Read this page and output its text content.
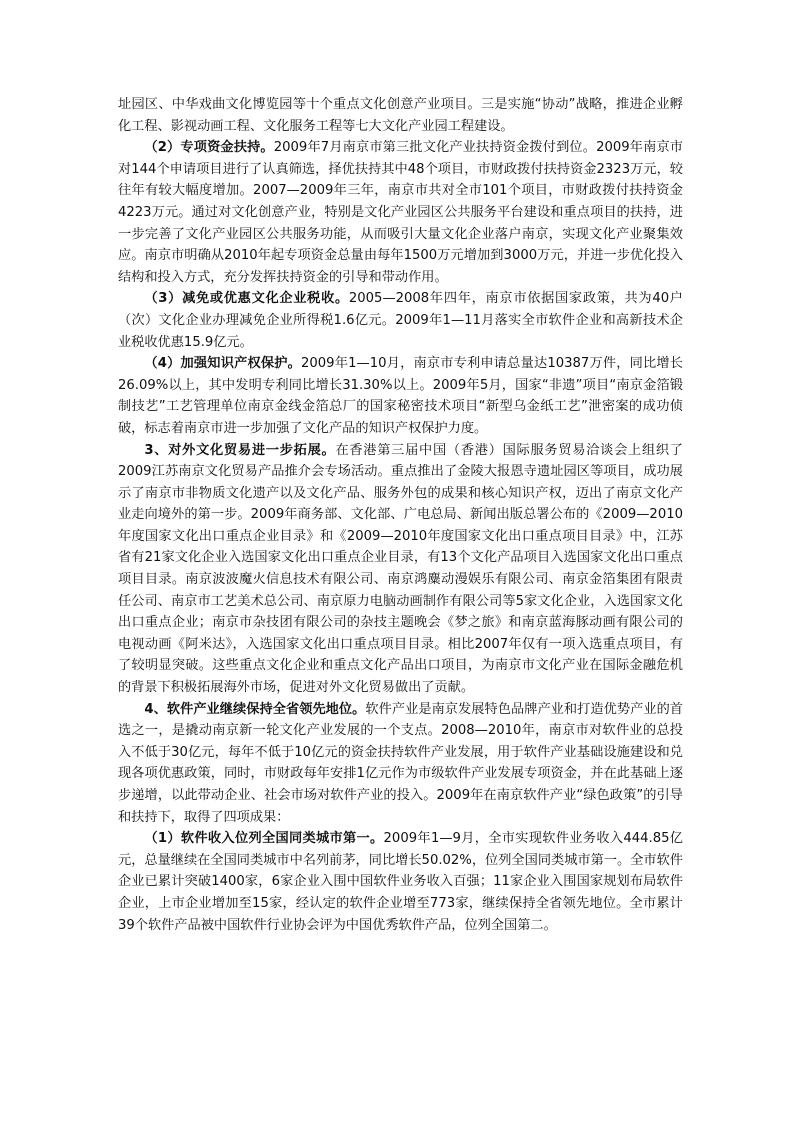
址园区、中华戏曲文化博览园等十个重点文化创意产业项目。三是实施“协动”战略，推进企业孵化工程、影视动画工程、文化服务工程等七大文化产业园工程建设。

（2）专项资金扶持。2009年7月南京市第三批文化产业扶持资金拨付到位。2009年南京市对144个申请项目进行了认真筛选，择优扶持其中48个项目，市财政拨付扶持资金2323万元，较往年有较大幅度增加。2007—2009年三年，南京市共对全市101个项目，市财政拨付扶持资金4223万元。通过对文化创意产业，特别是文化产业园区公共服务平台建设和重点项目的扶持，进一步完善了文化产业园区公共服务功能，从而吸引大量文化企业落户南京，实现文化产业聚集效应。南京市明确从2010年起专项资金总量由每年1500万元增加到3000万元，并进一步优化投入结构和投入方式，充分发挥扶持资金的引导和带动作用。

（3）减免或优惠文化企业税收。2005—2008年四年，南京市依据国家政策，共为40户（次）文化企业办理减免企业所得税1.6亿元。2009年1—11月落实全市软件企业和高新技术企业税收优惠15.9亿元。

（4）加强知识产权保护。2009年1—10月，南京市专利申请总量达10387万件，同比增长26.09%以上，其中发明专利同比增长31.30%以上。2009年5月，国家“非遗”项目“南京金箔锻制技艺”工艺管理单位南京金线金箔总厂的国家秘密技术项目“新型乌金纸工艺”泄密案的成功侦破，标志着南京市进一步加强了文化产品的知识产权保护力度。

3、对外文化贸易进一步拓展。在香港第三届中国（香港）国际服务贸易洽谈会上组织了2009江苏南京文化贸易产品推介会专场活动。重点推出了金陵大报恩寺遗址园区等项目，成功展示了南京市非物质文化遗产以及文化产品、服务外包的成果和核心知识产权，迈出了南京文化产业走向境外的第一步。2009年商务部、文化部、广电总局、新闻出版总署公布的《2009—2010年度国家文化出口重点企业目录》和《2009—2010年度国家文化出口重点项目目录》中，江苏省有21家文化企业入选国家文化出口重点企业目录，有13个文化产品项目入选国家文化出口重点项目目录。南京波波魔火信息技术有限公司、南京鸿麋动漫娱乐有限公司、南京金箔集团有限责任公司、南京市工艺美术总公司、南京原力电脑动画制作有限公司等5家文化企业，入选国家文化出口重点企业；南京市杂技团有限公司的杂技主题晚会《梦之旅》和南京蓝海豚动画有限公司的电视动画《阿米达》，入选国家文化出口重点项目目录。相比2007年仅有一项入选重点项目，有了较明显突破。这些重点文化企业和重点文化产品出口项目，为南京市文化产业在国际金融危机的背景下积极拓展海外市场，促进对外文化贸易做出了贡献。

4、软件产业继续保持全省领先地位。软件产业是南京发展特色品牌产业和打造优势产业的首选之一，是撬动南京新一轮文化产业发展的一个支点。2008—2010年，南京市对软件业的总投入不低于30亿元，每年不低于10亿元的资金扶持软件产业发展，用于软件产业基础设施建设和兑现各项优惠政策，同时，市财政每年安排1亿元作为市级软件产业发展专项资金，并在此基础上逐步递增，以此带动企业、社会市场对软件产业的投入。2009年在南京软件产业“绿色政策”的引导和扶持下，取得了四项成果：

（1）软件收入位列全国同类城市第一。2009年1—9月，全市实现软件业务收入444.85亿元，总量继续在全国同类城市中名列前茅，同比增长50.02%，位列全国同类城市第一。全市软件企业已累计突破1400家，6家企业入围中国软件业务收入百强；11家企业入围国家规划布局软件企业，上市企业增加至15家，经认定的软件企业增至773家，继续保持全省领先地位。全市累计39个软件产品被中国软件行业协会评为中国优秀软件产品，位列全国第二。
